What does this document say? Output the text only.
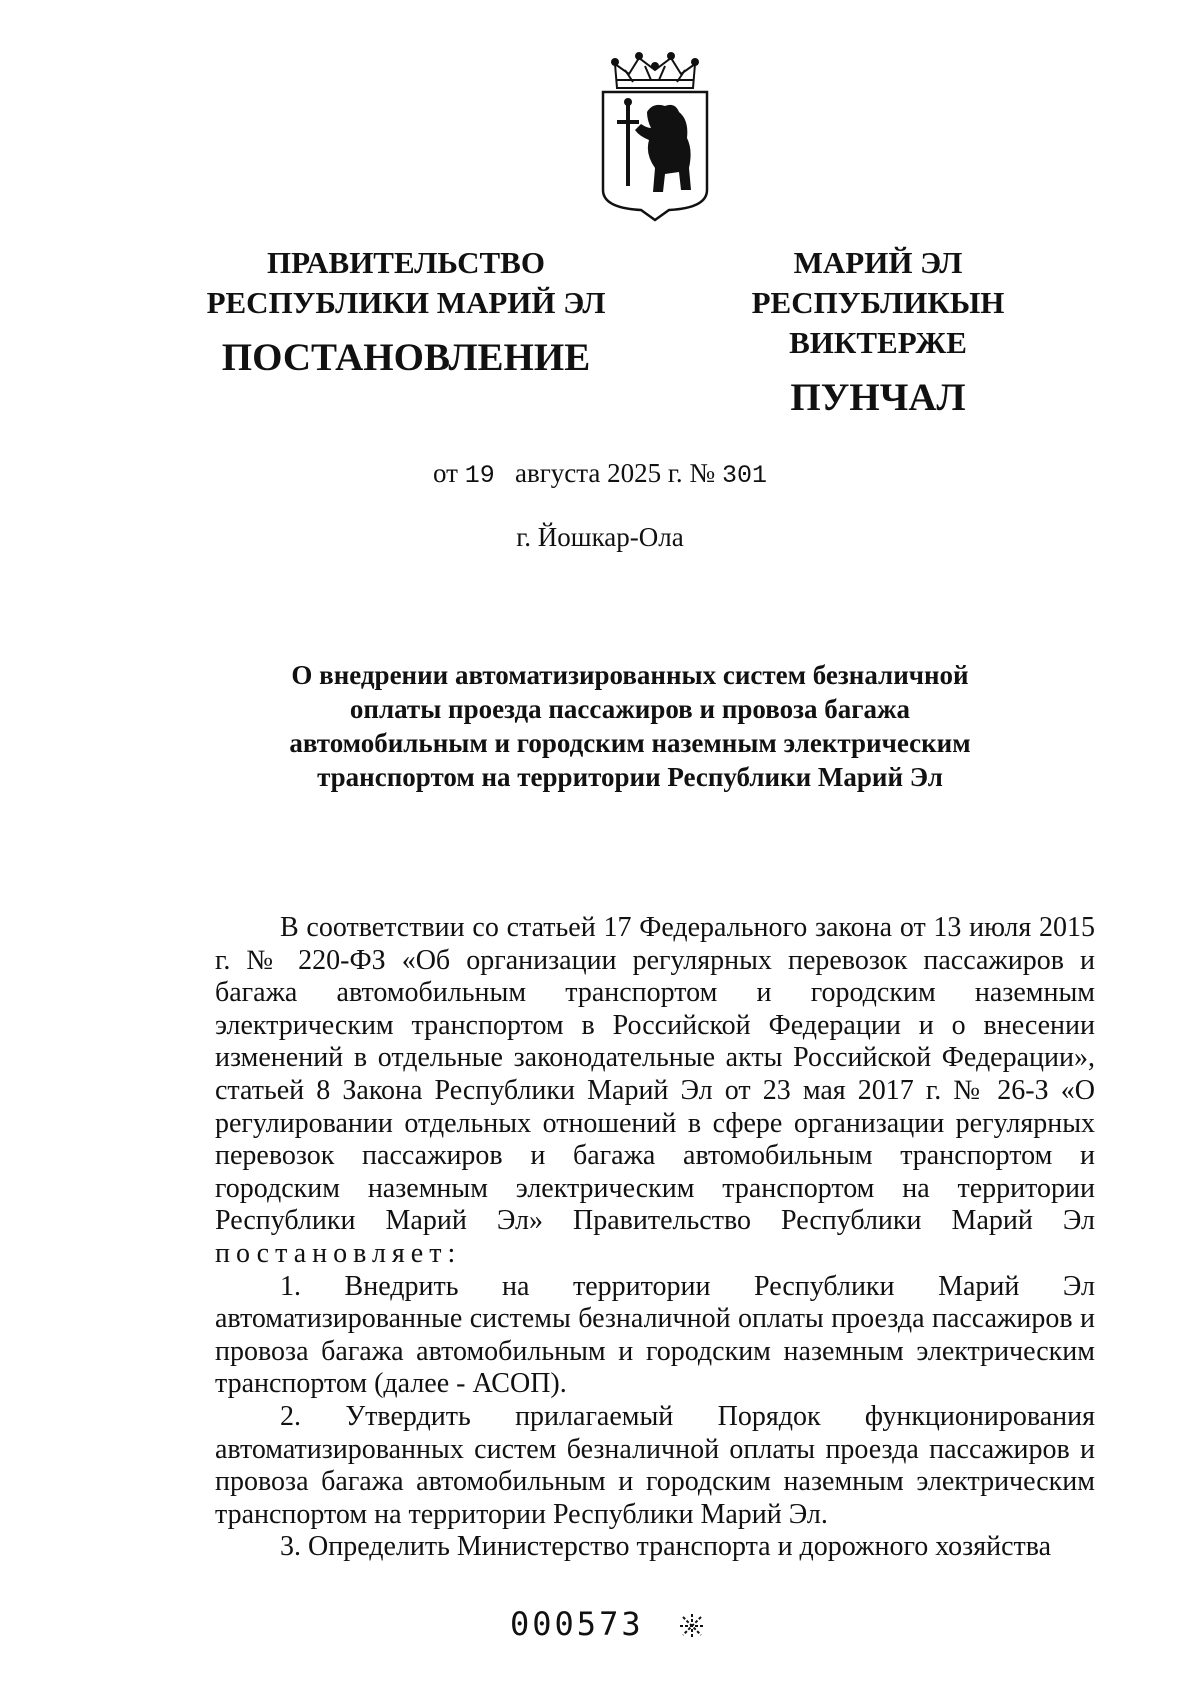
ПРАВИТЕЛЬСТВО
РЕСПУБЛИКИ МАРИЙ ЭЛ
ПОСТАНОВЛЕНИЕ
МАРИЙ ЭЛ РЕСПУБЛИКЫН
ВИКТЕРЖЕ
ПУНЧАЛ
от 19 августа 2025 г. № 301
г. Йошкар-Ола
О внедрении автоматизированных систем безналичной оплаты проезда пассажиров и провоза багажа автомобильным и городским наземным электрическим транспортом на территории Республики Марий Эл

В соответствии со статьей 17 Федерального закона от 13 июля 2015 г. № 220-ФЗ «Об организации регулярных перевозок пассажиров и багажа автомобильным транспортом и городским наземным электрическим транспортом в Российской Федерации и о внесении изменений в отдельные законодательные акты Российской Федерации», статьей 8 Закона Республики Марий Эл от 23 мая 2017 г. № 26-З «О регулировании отдельных отношений в сфере организации регулярных перевозок пассажиров и багажа автомобильным транспортом и городским наземным электрическим транспортом на территории Республики Марий Эл» Правительство Республики Марий Эл постановляет:

1. Внедрить на территории Республики Марий Эл автоматизированные системы безналичной оплаты проезда пассажиров и провоза багажа автомобильным и городским наземным электрическим транспортом (далее - АСОП).

2. Утвердить прилагаемый Порядок функционирования автоматизированных систем безналичной оплаты проезда пассажиров и провоза багажа автомобильным и городским наземным электрическим транспортом на территории Республики Марий Эл.

3. Определить Министерство транспорта и дорожного хозяйства

000573
